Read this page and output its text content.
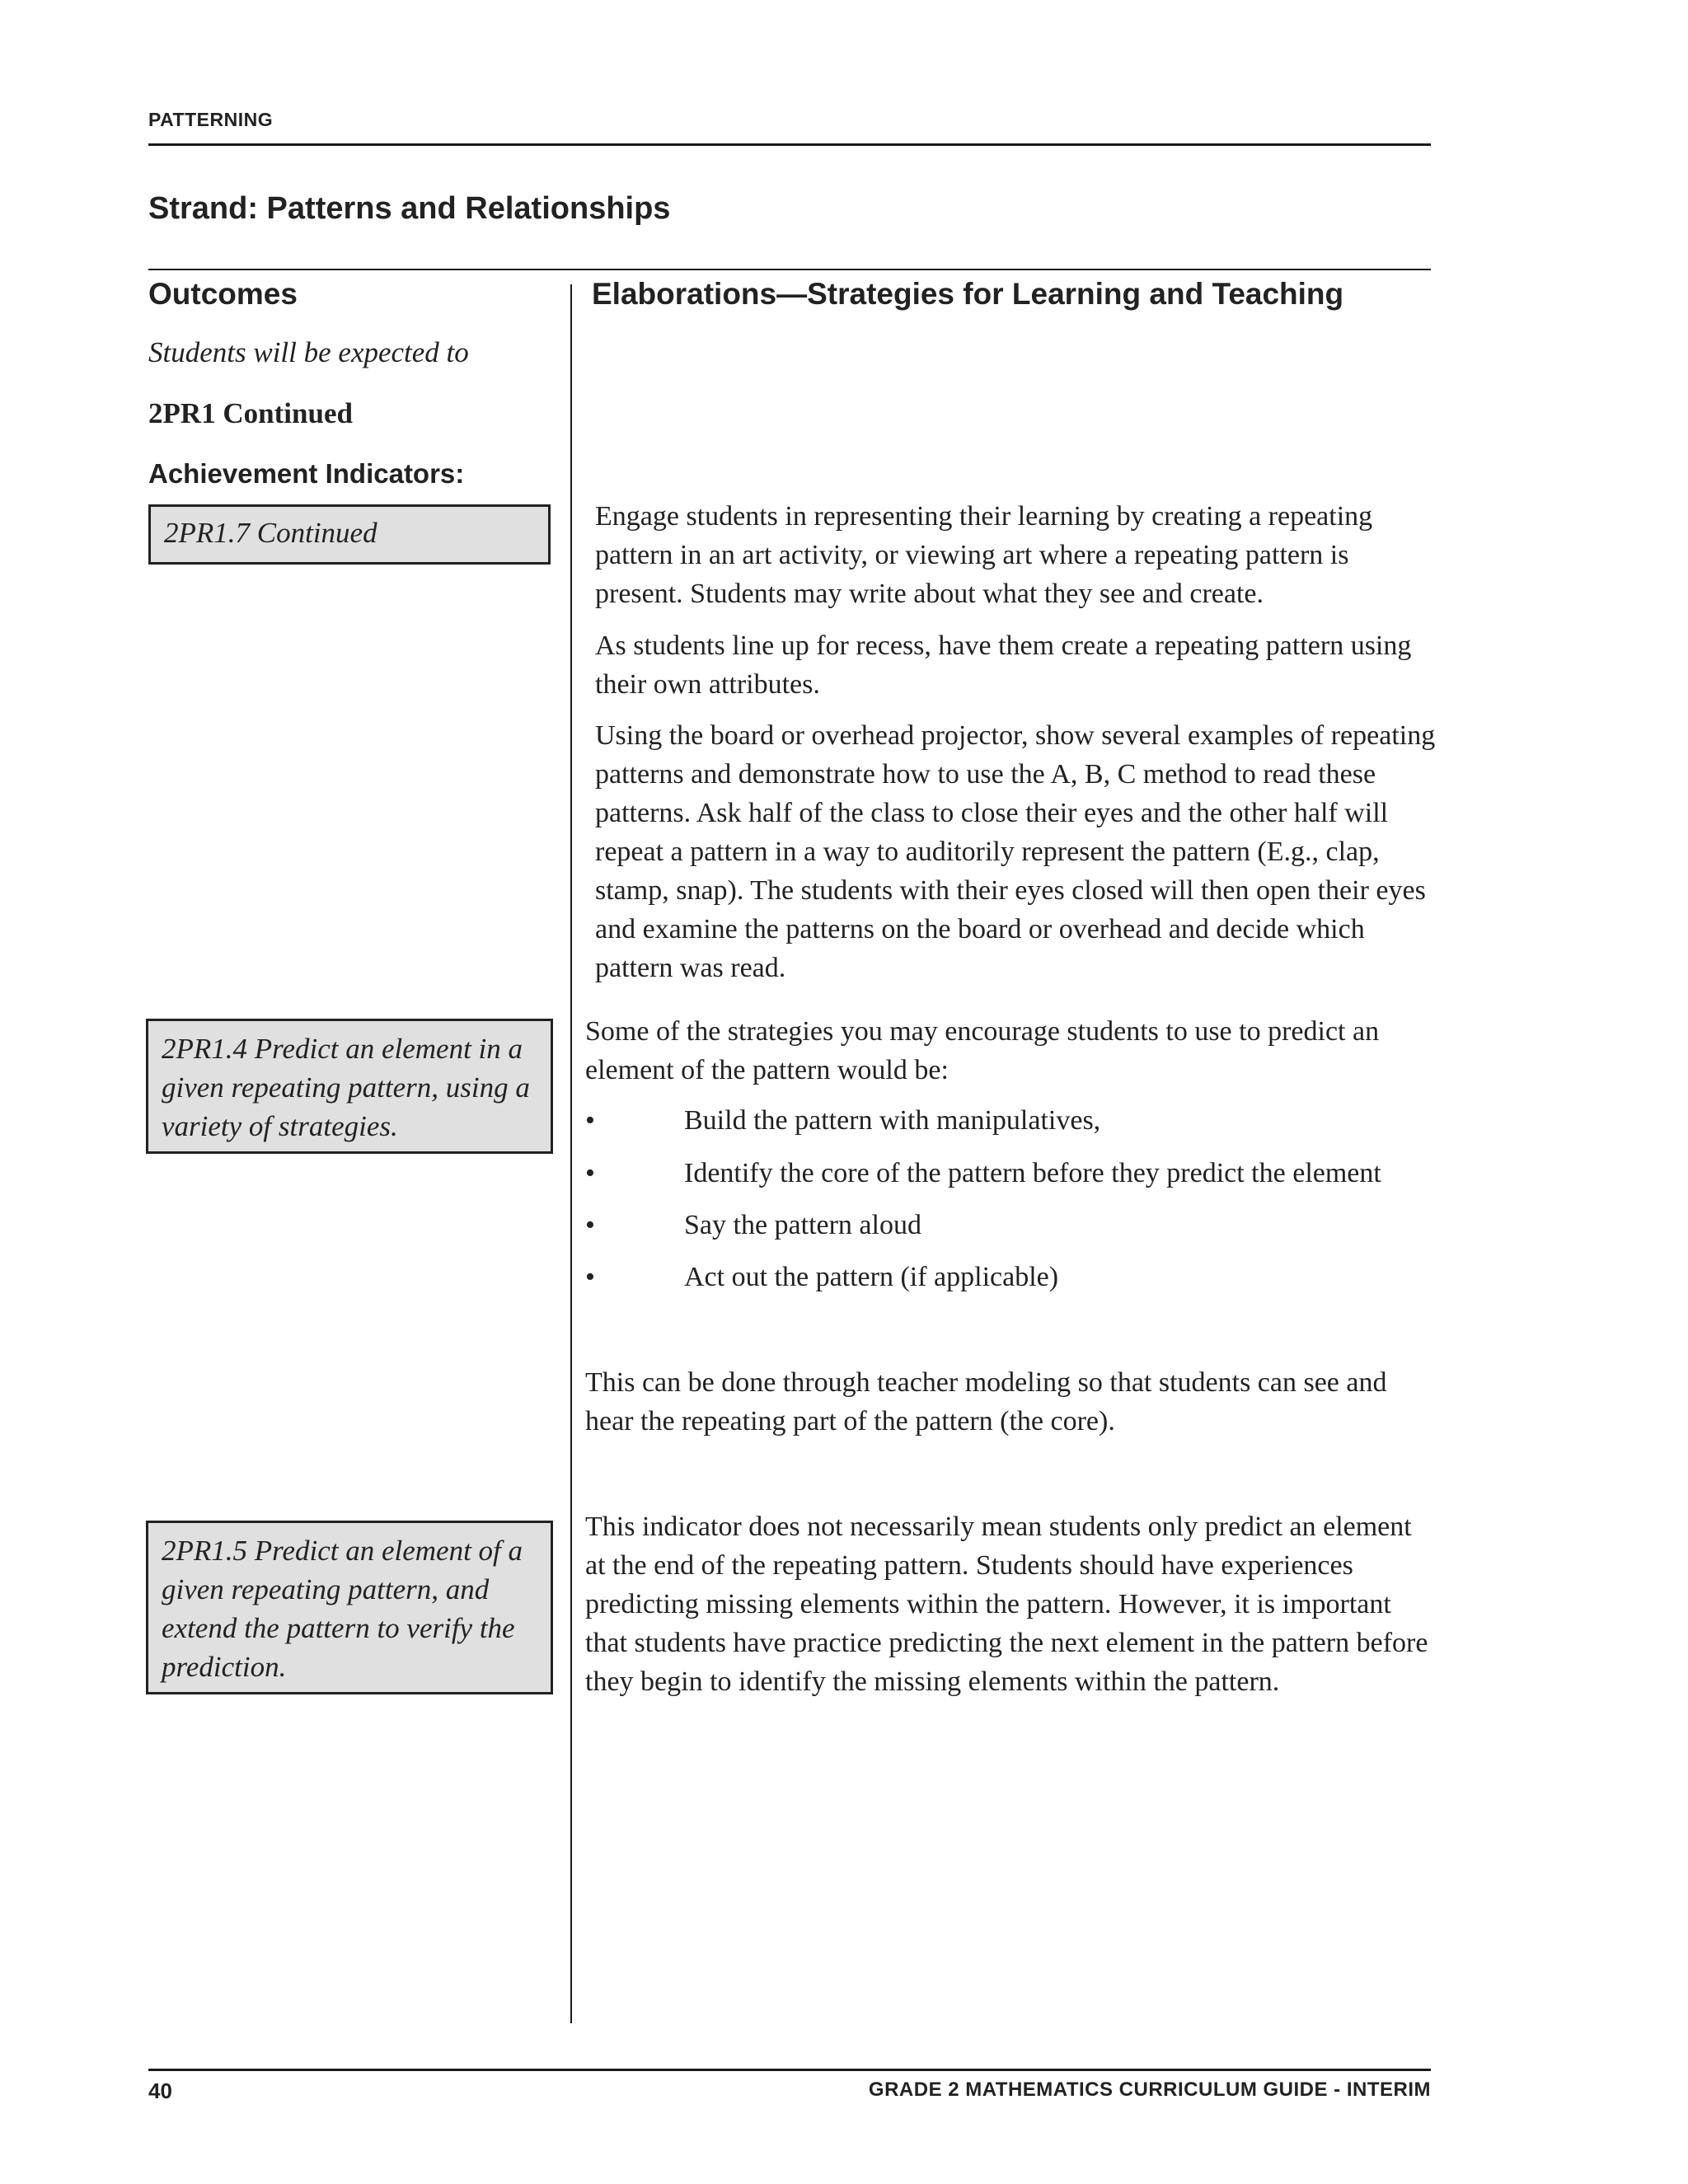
PATTERNING
Strand: Patterns and Relationships
Outcomes
Students will be expected to
2PR1 Continued
Achievement Indicators:
2PR1.7 Continued
2PR1.4 Predict an element in a given repeating pattern, using a variety of strategies.
2PR1.5 Predict an element of a given repeating pattern, and extend the pattern to verify the prediction.
Elaborations—Strategies for Learning and Teaching

Engage students in representing their learning by creating a repeating pattern in an art activity, or viewing art where a repeating pattern is present. Students may write about what they see and create.

As students line up for recess, have them create a repeating pattern using their own attributes.

Using the board or overhead projector, show several examples of repeating patterns and demonstrate how to use the A, B, C method to read these patterns. Ask half of the class to close their eyes and the other half will repeat a pattern in a way to auditorily represent the pattern (E.g., clap, stamp, snap). The students with their eyes closed will then open their eyes and examine the patterns on the board or overhead and decide which pattern was read.

Some of the strategies you may encourage students to use to predict an element of the pattern would be:

•	Build the pattern with manipulatives,
•	Identify the core of the pattern before they predict the element
•	Say the pattern aloud
•	Act out the pattern (if applicable)

This can be done through teacher modeling so that students can see and hear the repeating part of the pattern (the core).

This indicator does not necessarily mean students only predict an element at the end of the repeating pattern. Students should have experiences predicting missing elements within the pattern. However, it is important that students have practice predicting the next element in the pattern before they begin to identify the missing elements within the pattern.

40	GRADE 2 MATHEMATICS CURRICULUM GUIDE - INTERIM
